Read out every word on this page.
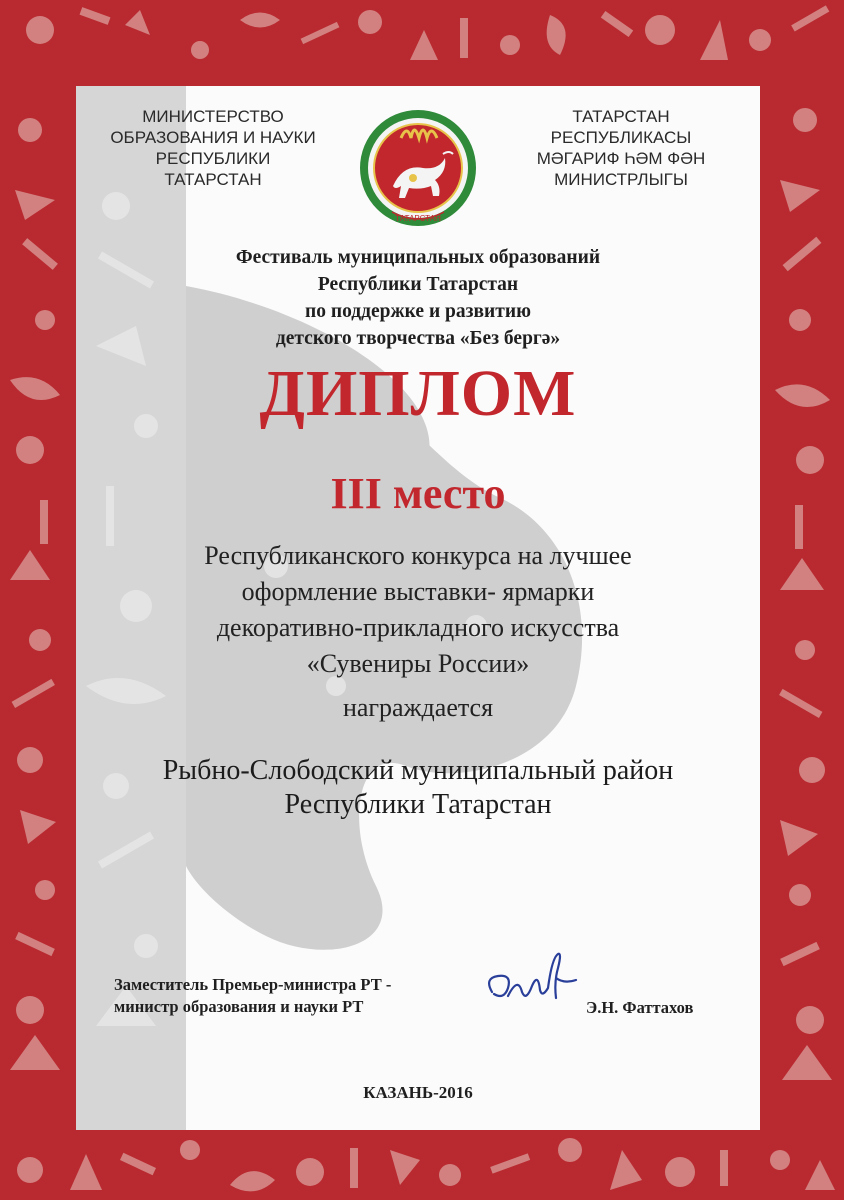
МИНИСТЕРСТВО
ОБРАЗОВАНИЯ И НАУКИ
РЕСПУБЛИКИ
ТАТАРСТАН
ТАТАРСТАН
ТАТАРСТАН
РЕСПУБЛИКАСЫ
МӘГАРИФ ҺӘМ ФӘН
МИНИСТРЛЫГЫ
Фестиваль муниципальных образований
Республики Татарстан
по поддержке и развитию
детского творчества «Без бергә»
ДИПЛОМ
III место
Республиканского конкурса на лучшее
оформление выставки- ярмарки
декоративно-прикладного искусства
«Сувениры России»
награждается
Рыбно-Слободский муниципальный район
Республики Татарстан
Заместитель Премьер-министра РТ -
министр образования и науки РТ	Э.Н. Фаттахов
КАЗАНЬ-2016
